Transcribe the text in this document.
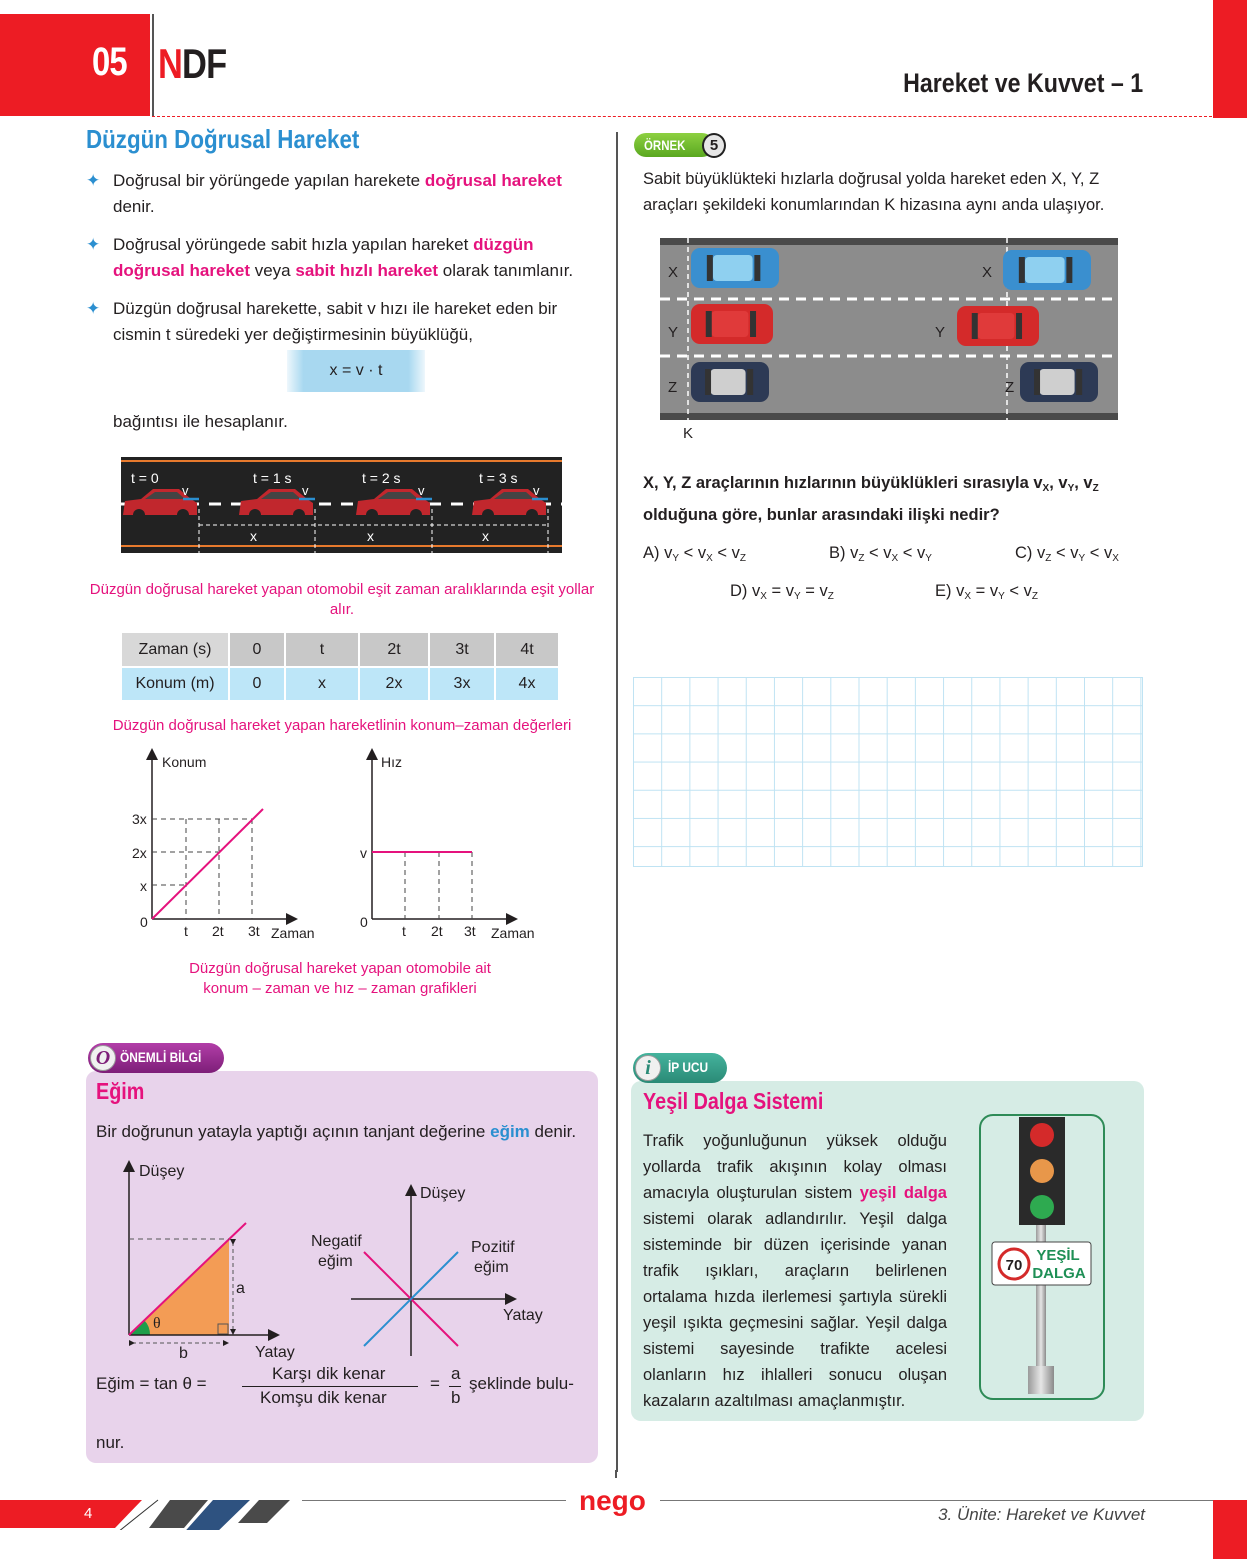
05 NDF	Hareket ve Kuvvet – 1
Düzgün Doğrusal Hareket
✦ Doğrusal bir yörüngede yapılan harekete doğrusal hareket denir.
✦ Doğrusal yörüngede sabit hızla yapılan hareket düzgün doğrusal hareket veya sabit hızlı hareket olarak tanımlanır.
✦ Düzgün doğrusal harekette, sabit v hızı ile hareket eden bir cismin t süredeki yer değiştirmesinin büyüklüğü,
x = v · t
bağıntısı ile hesaplanır.
t = 0	t = 1 s	t = 2 s	t = 3 s
v	v	v	v
x	x	x
Düzgün doğrusal hareket yapan otomobil eşit zaman aralıklarında eşit yollar alır.
Zaman (s)	0	t	2t	3t	4t
Konum (m)	0	x	2x	3x	4x
Düzgün doğrusal hareket yapan hareketlinin konum–zaman değerleri
Konum
0
x
2x
3x
t 2t 3t Zaman
Hız
0
v
t 2t 3t Zaman
Düzgün doğrusal hareket yapan otomobile ait
konum – zaman ve hız – zaman grafikleri
O ÖNEMLİ BİLGİ
Eğim
Bir doğrunun yatayla yaptığı açının tanjant değerine eğim denir.
Düşey
Yatay
a
b
θ
Düşey
Yatay
Negatif
eğim
Pozitif
eğim
Eğim = tan θ =
Karşı dik kenar
Komşu dik kenar
=
a
b
şeklinde bulu-
nur.
ÖRNEK	5
Sabit büyüklükteki hızlarla doğrusal yolda hareket eden X, Y, Z araçları şekildeki konumlarından K hizasına aynı anda ulaşıyor.
X
Y
Z
X
Y
Z
K
X, Y, Z araçlarının hızlarının büyüklükleri sırasıyla $v_X$, $v_Y$, $v_Z$ olduğuna göre, bunlar arasındaki ilişki nedir?
A) $v_Y < v_X < v_Z$	B) $v_Z < v_X < v_Y$	C) $v_Z < v_Y < v_X$
D) $v_X = v_Y = v_Z$	E) $v_X = v_Y < v_Z$
i	İP UCU
Yeşil Dalga Sistemi
Trafik yoğunluğunun yüksek olduğu yollarda trafik akışının kolay olması amacıyla oluşturulan sistem yeşil dalga sistemi olarak adlandırılır. Yeşil dalga sisteminde bir düzen içerisinde yanan trafik ışıkları, araçların belirlenen ortalama hızda ilerlemesi şartıyla sürekli yeşil ışıkta geçmesini sağlar. Yeşil dalga sistemi sayesinde trafikte acelesi olanların hız ihlalleri sonucu oluşan kazaların azaltılması amaçlanmıştır.
70
YEŞİL
DALGA
4	nego	3. Ünite: Hareket ve Kuvvet
